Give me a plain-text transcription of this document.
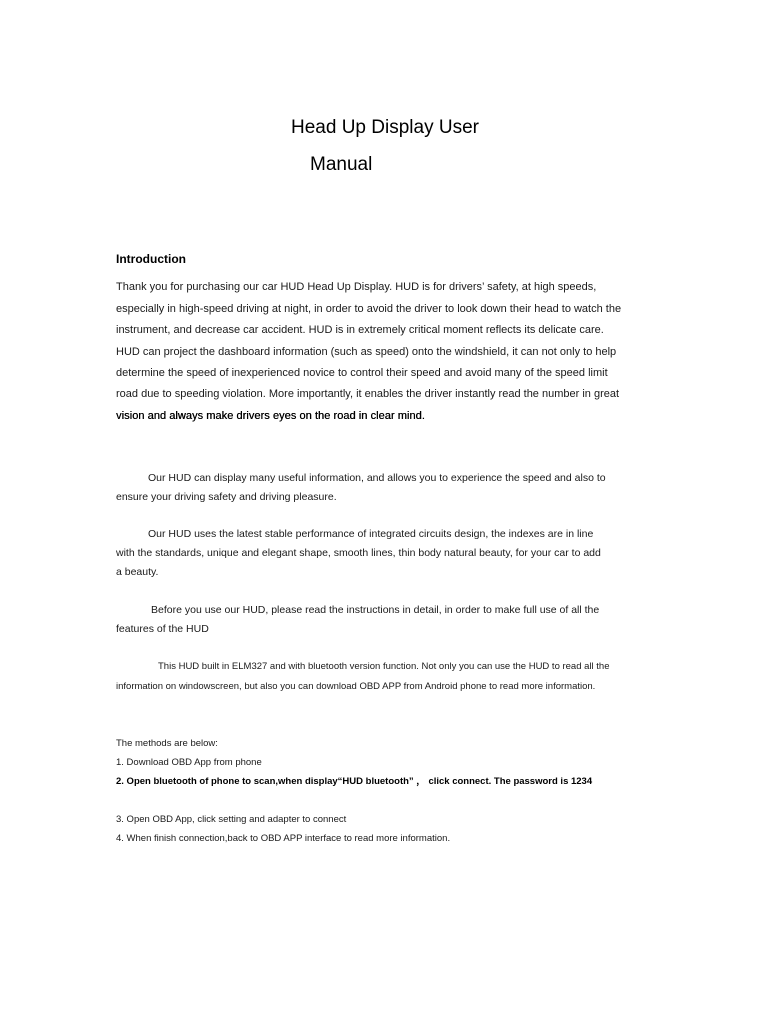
Head Up Display User
Manual
Introduction
Thank you for purchasing our car HUD Head Up Display. HUD is for drivers’ safety, at high speeds,
especially in high-speed driving at night, in order to avoid the driver to look down their head to watch the
instrument, and decrease car accident. HUD is in extremely critical moment reflects its delicate care.
HUD can project the dashboard information (such as speed) onto the windshield, it can not only to help
determine the speed of inexperienced novice to control their speed and avoid many of the speed limit
road due to speeding violation. More importantly, it enables the driver instantly read the number in great
vision and always make drivers eyes on the road in clear mind.
Our HUD can display many useful information, and allows you to experience the speed and also to
ensure your driving safety and driving pleasure.
Our HUD uses the latest stable performance of integrated circuits design, the indexes are in line
with the standards, unique and elegant shape, smooth lines, thin body natural beauty, for your car to add
a beauty.
Before you use our HUD, please read the instructions in detail, in order to make full use of all the
features of the HUD
This HUD built in ELM327 and with bluetooth version function. Not only you can use the HUD to read all the
information on windowscreen, but also you can download OBD APP from Android phone to read more information.
The methods are below:
1. Download OBD App from phone
2. Open bluetooth of phone to scan,when display“HUD bluetooth” ， click connect. The password is 1234
3. Open OBD App, click setting and adapter to connect
4. When finish connection,back to OBD APP interface to read more information.
